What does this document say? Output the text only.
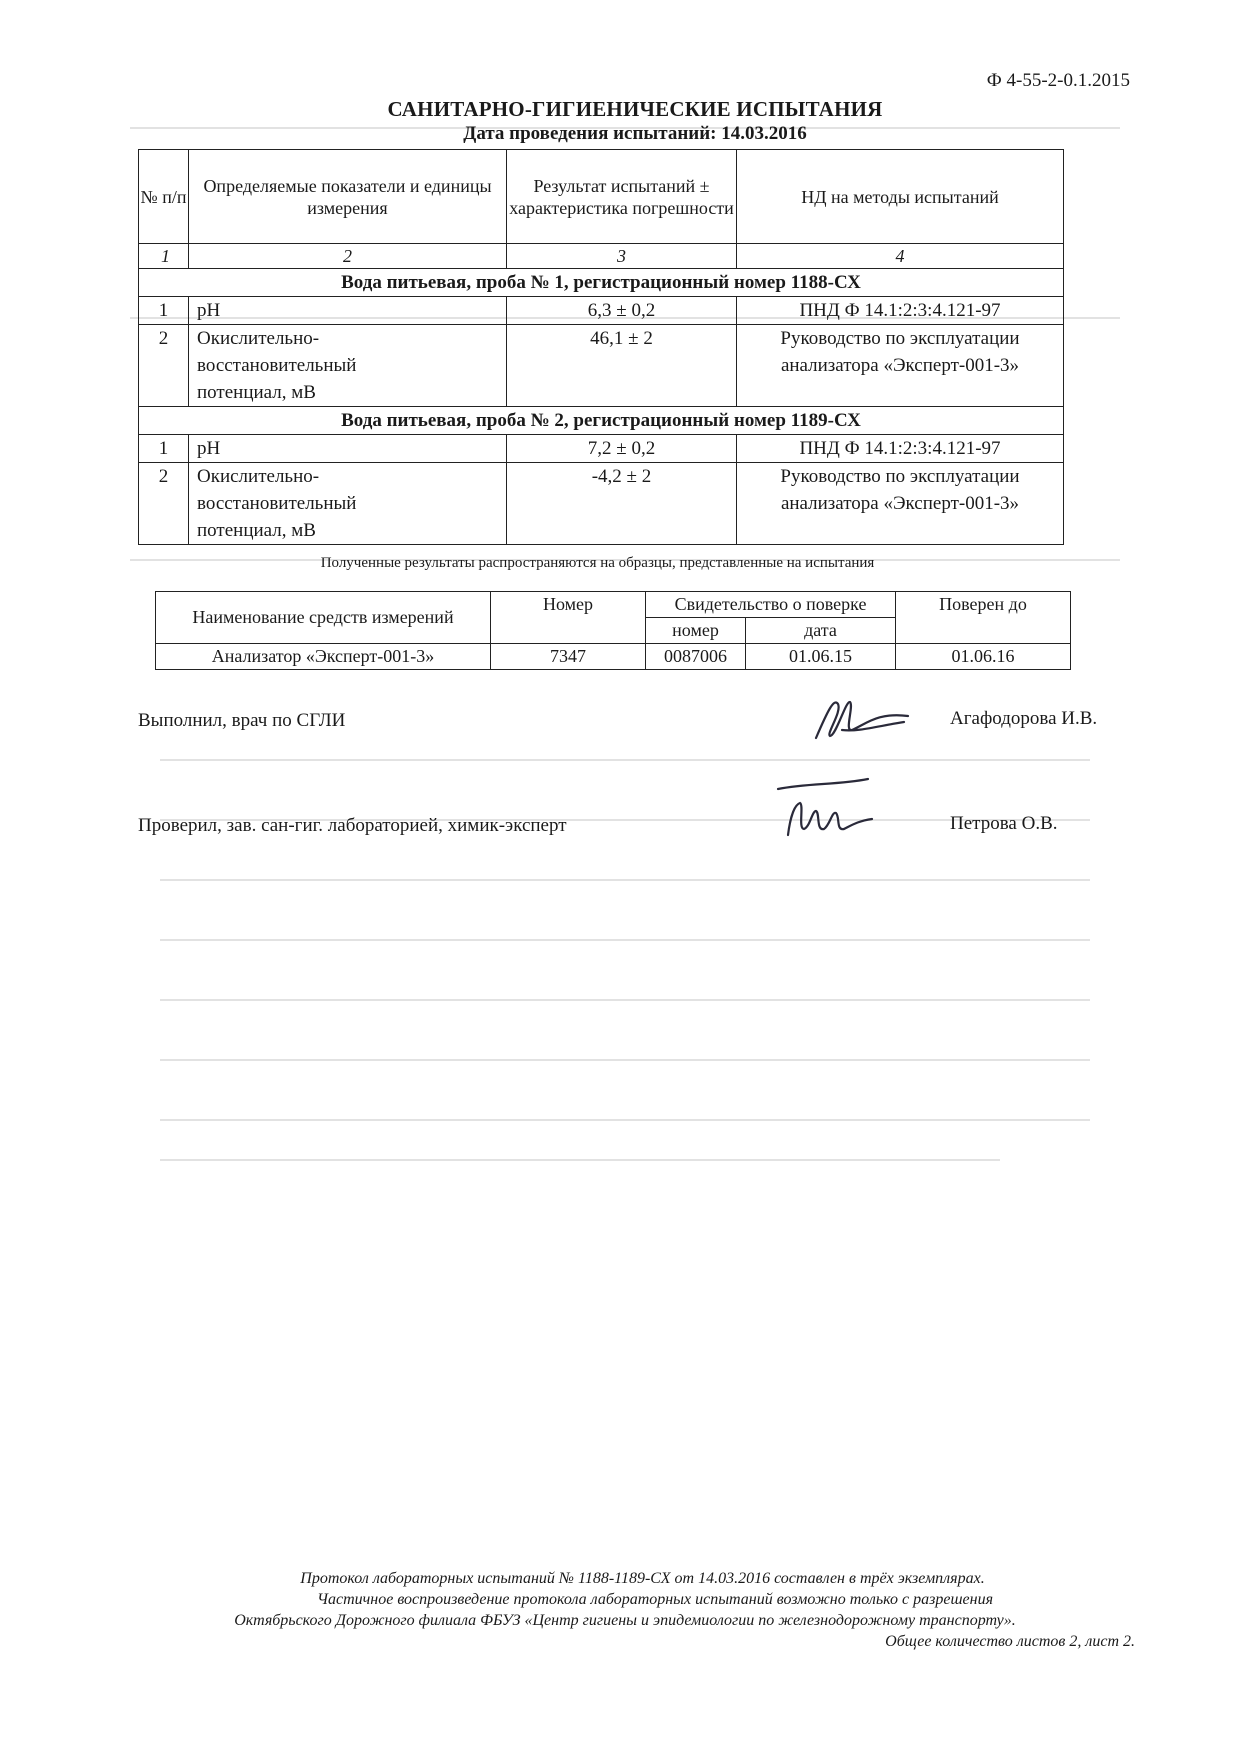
Ф 4-55-2-0.1.2015
САНИТАРНО-ГИГИЕНИЧЕСКИЕ ИСПЫТАНИЯ
Дата проведения испытаний: 14.03.2016
№ п/п	Определяемые показатели и единицы измерения	Результат испытаний ± характеристика погрешности	НД на методы испытаний
1	2	3	4
Вода питьевая, проба № 1, регистрационный номер 1188-СХ			
1	рН	6,3 ± 0,2	ПНД Ф 14.1:2:3:4.121-97
2	Окислительно-восстановительный потенциал, мВ	46,1 ± 2	Руководство по эксплуатации анализатора «Эксперт-001-3»
Вода питьевая, проба № 2, регистрационный номер 1189-СХ			
1	рН	7,2 ± 0,2	ПНД Ф 14.1:2:3:4.121-97
2	Окислительно-восстановительный потенциал, мВ	-4,2 ± 2	Руководство по эксплуатации анализатора «Эксперт-001-3»
Полученные результаты распространяются на образцы, представленные на испытания
Наименование средств измерений	Номер	Свидетельство о поверке		Поверен до
		номер	дата	
Анализатор «Эксперт-001-3»	7347	0087006	01.06.15	01.06.16
Выполнил, врач по СГЛИ	Агафодорова И.В.
Проверил, зав. сан-гиг. лабораторией, химик-эксперт	Петрова О.В.
Протокол лабораторных испытаний № 1188-1189-СХ от 14.03.2016 составлен в трёх экземплярах.
Частичное воспроизведение протокола лабораторных испытаний возможно только с разрешения
Октябрьского Дорожного филиала ФБУЗ «Центр гигиены и эпидемиологии по железнодорожному транспорту».
Общее количество листов 2, лист 2.
